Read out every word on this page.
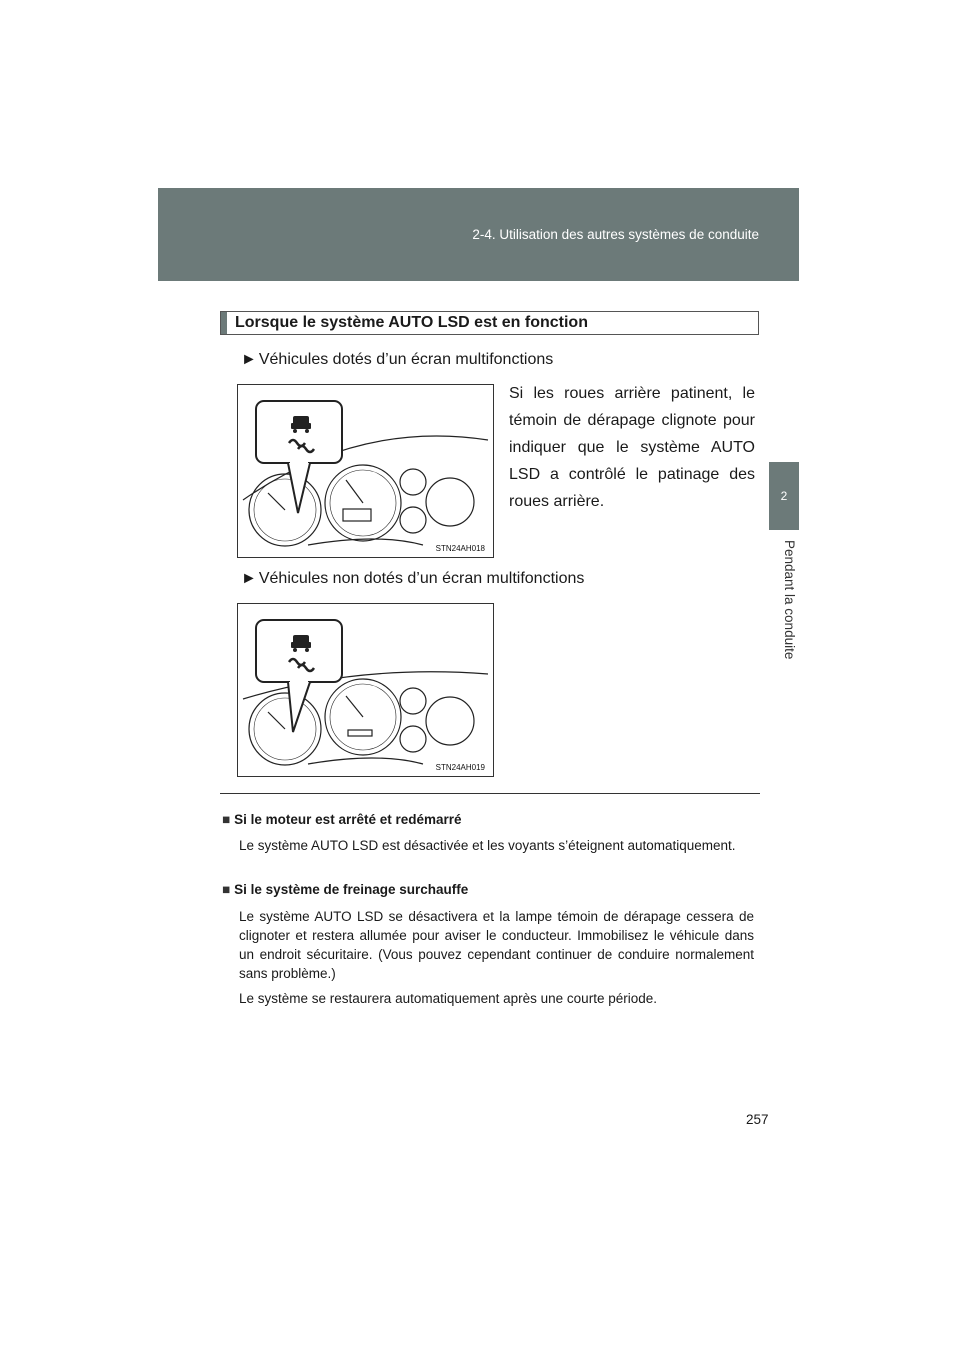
2-4. Utilisation des autres systèmes de conduite
2
Pendant la conduite
Lorsque le système AUTO LSD est en fonction
► Véhicules dotés d’un écran multifonctions
Si les roues arrière patinent, le témoin de dérapage clignote pour indiquer que le système AUTO LSD a contrôlé le patinage des roues arrière.
STN24AH018
► Véhicules non dotés d’un écran multifonctions
STN24AH019
■ Si le moteur est arrêté et redémarré
Le système AUTO LSD est désactivée et les voyants s’éteignent automatiquement.
■ Si le système de freinage surchauffe
Le système AUTO LSD se désactivera et la lampe témoin de dérapage cessera de clignoter et restera allumée pour aviser le conducteur. Immobilisez le véhicule dans un endroit sécuritaire. (Vous pouvez cependant continuer de conduire normalement sans problème.)
Le système se restaurera automatiquement après une courte période.
257
